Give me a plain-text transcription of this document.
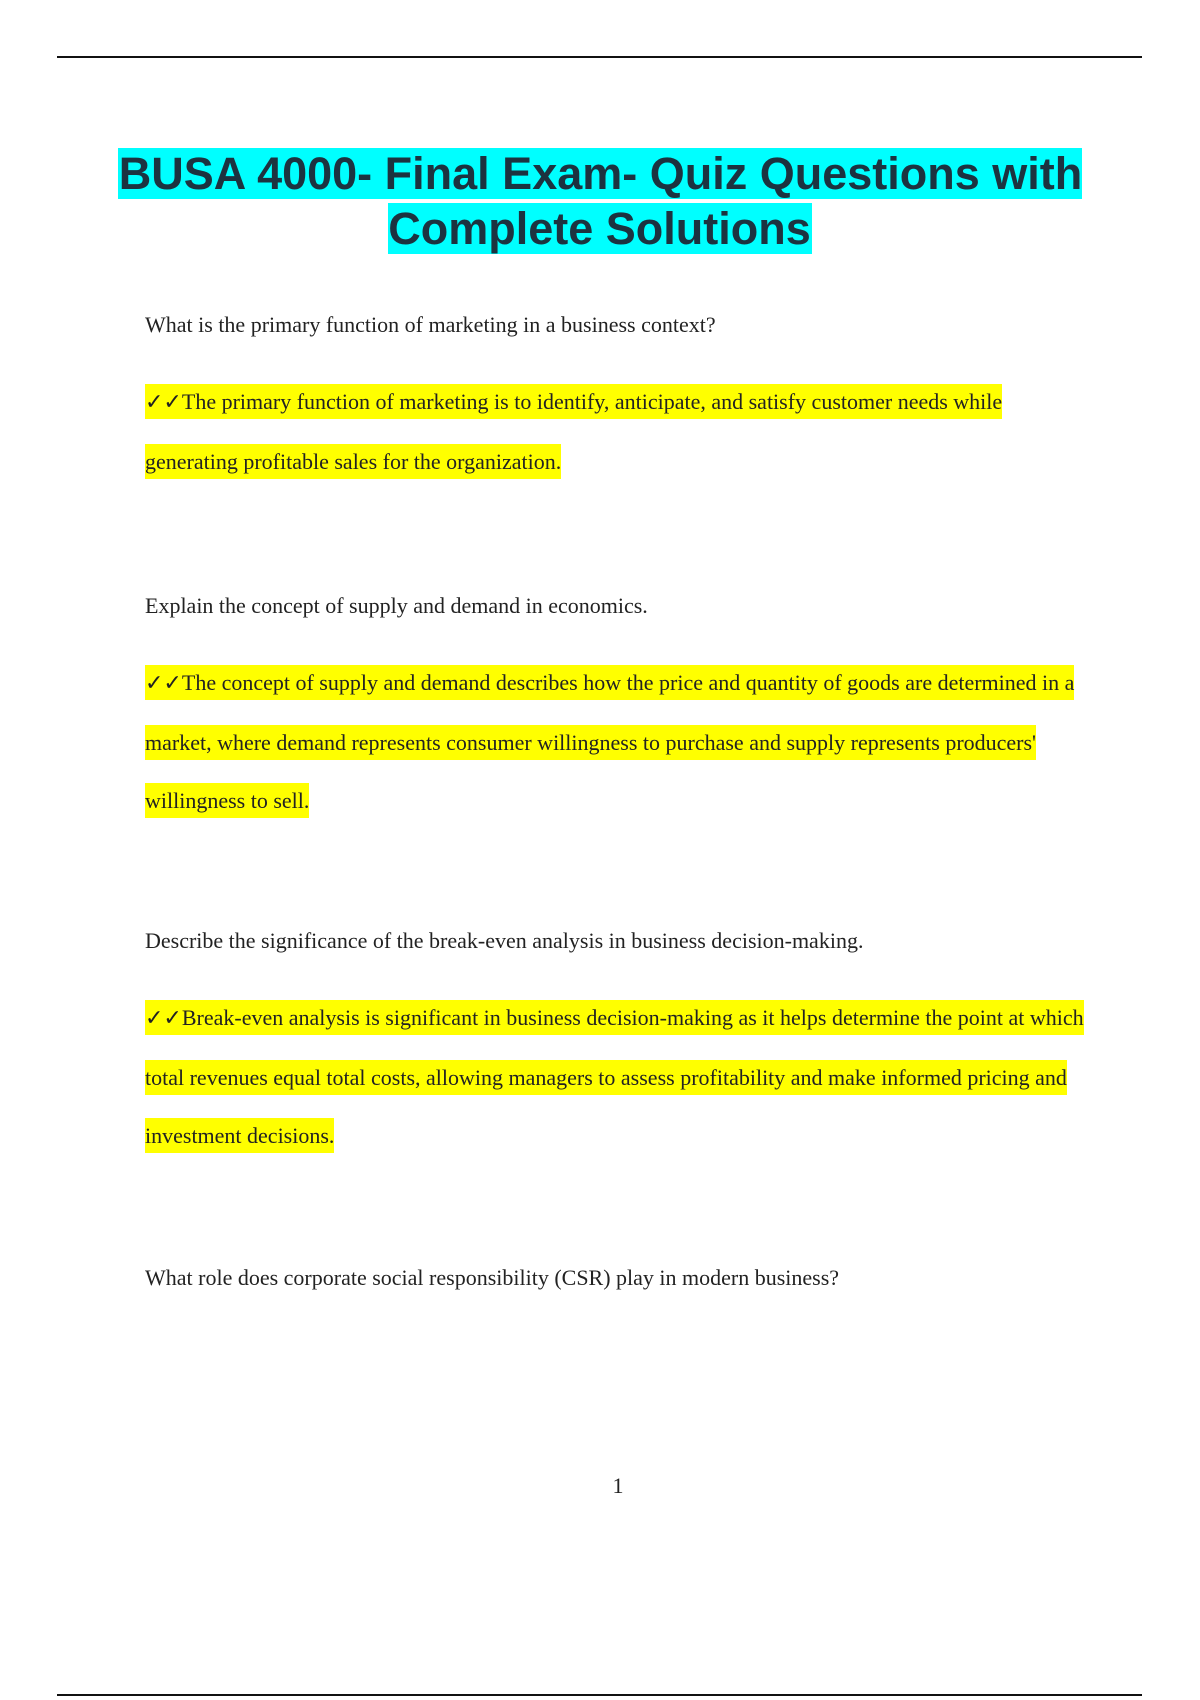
BUSA 4000- Final Exam- Quiz Questions with Complete Solutions

What is the primary function of marketing in a business context?

✓✓The primary function of marketing is to identify, anticipate, and satisfy customer needs while generating profitable sales for the organization.

Explain the concept of supply and demand in economics.

✓✓The concept of supply and demand describes how the price and quantity of goods are determined in a market, where demand represents consumer willingness to purchase and supply represents producers' willingness to sell.

Describe the significance of the break-even analysis in business decision-making.

✓✓Break-even analysis is significant in business decision-making as it helps determine the point at which total revenues equal total costs, allowing managers to assess profitability and make informed pricing and investment decisions.

What role does corporate social responsibility (CSR) play in modern business?

1
